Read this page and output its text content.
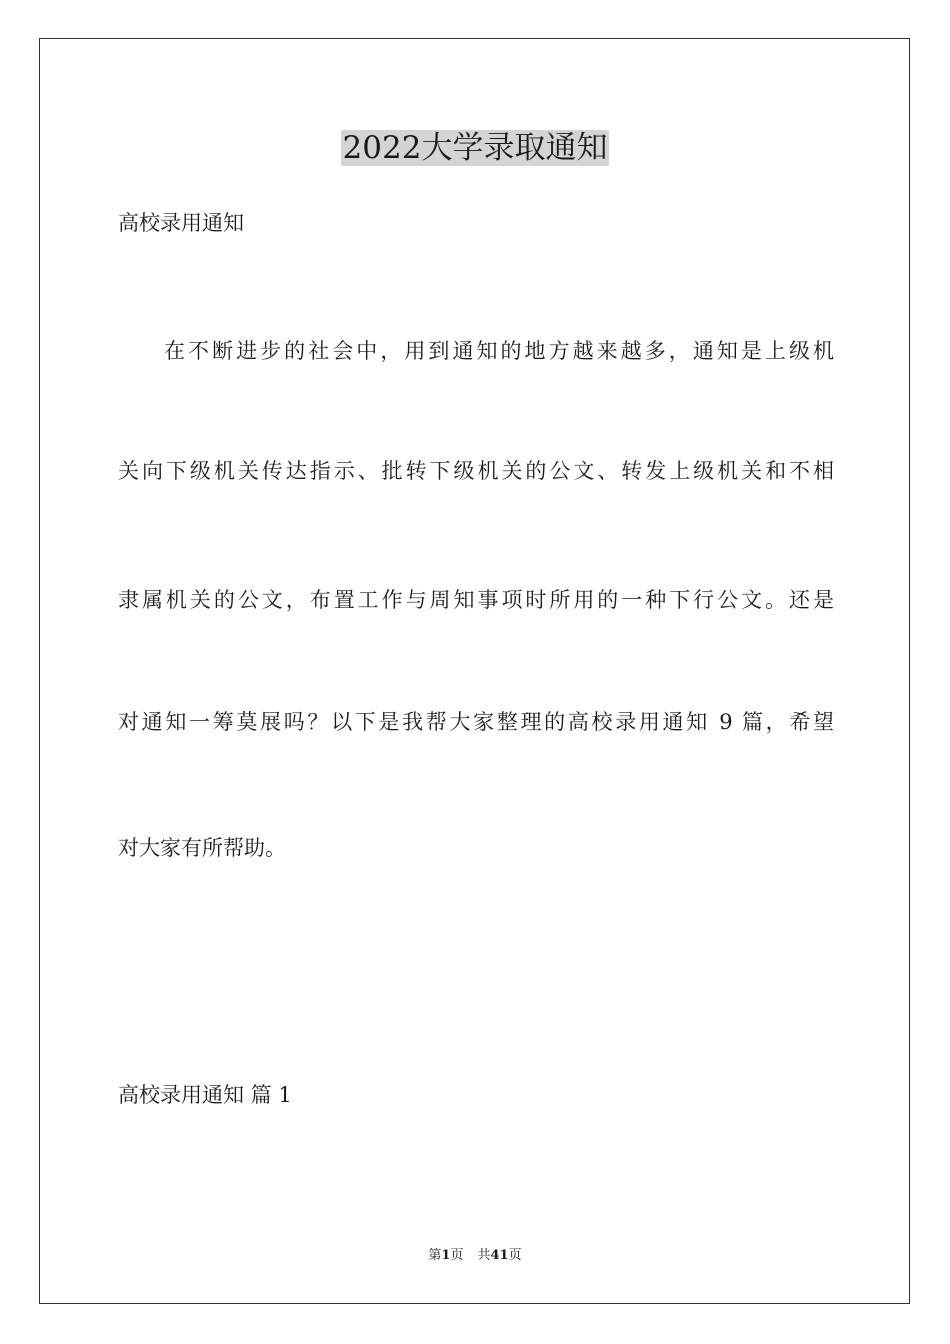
2022大学录取通知
高校录用通知
在不断进步的社会中，用到通知的地方越来越多，通知是上级机
关向下级机关传达指示、批转下级机关的公文、转发上级机关和不相
隶属机关的公文，布置工作与周知事项时所用的一种下行公文。还是
对通知一筹莫展吗？以下是我帮大家整理的高校录用通知 9 篇，希望
对大家有所帮助。
高校录用通知 篇 1
第1页 共41页
